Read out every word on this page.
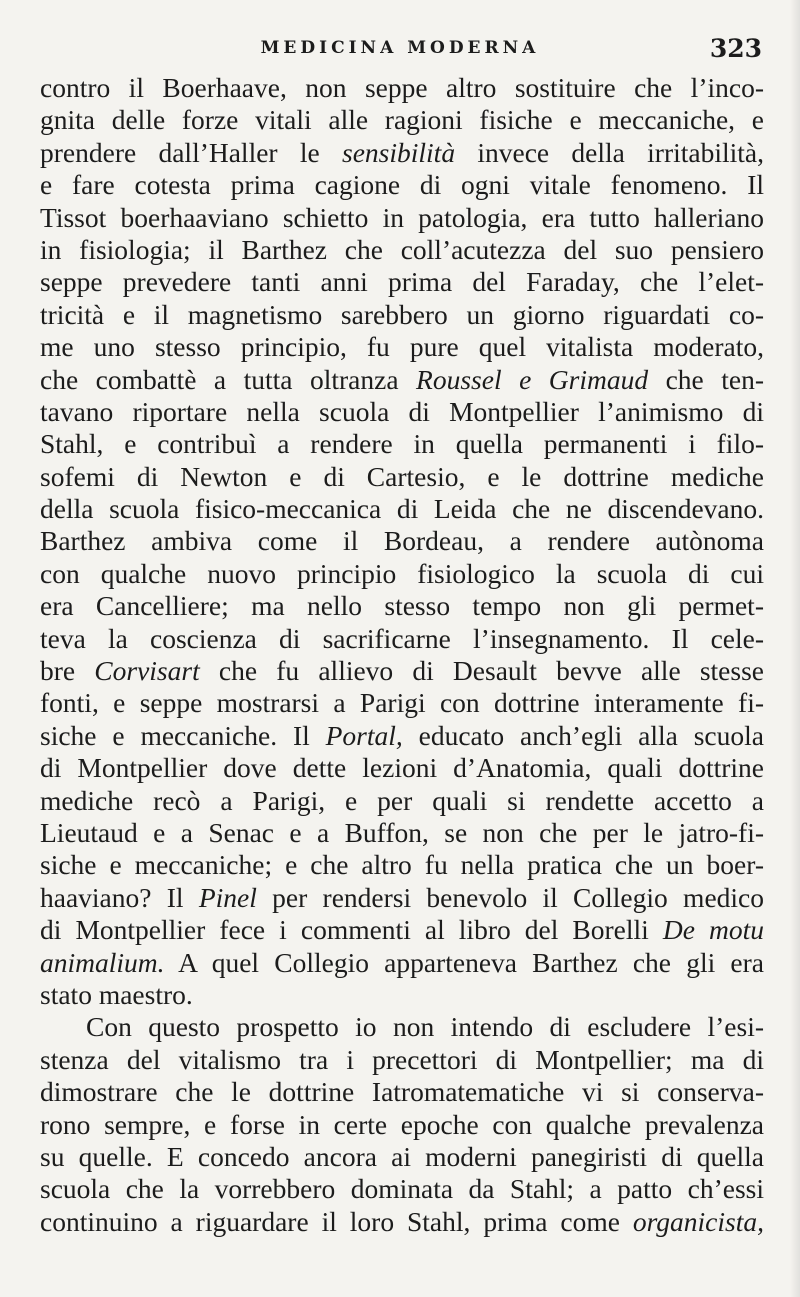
MEDICINA MODERNA	323
contro il Boerhaave, non seppe altro sostituire che l’inco-
gnita delle forze vitali alle ragioni fisiche e meccaniche, e
prendere dall’Haller le sensibilità invece della irritabilità,
e fare cotesta prima cagione di ogni vitale fenomeno. Il
Tissot boerhaaviano schietto in patologia, era tutto halleriano
in fisiologia; il Barthez che coll’acutezza del suo pensiero
seppe prevedere tanti anni prima del Faraday, che l’elet-
tricità e il magnetismo sarebbero un giorno riguardati co-
me uno stesso principio, fu pure quel vitalista moderato,
che combattè a tutta oltranza Roussel e Grimaud che ten-
tavano riportare nella scuola di Montpellier l’animismo di
Stahl, e contribuì a rendere in quella permanenti i filo-
sofemi di Newton e di Cartesio, e le dottrine mediche
della scuola fisico-meccanica di Leida che ne discendevano.
Barthez ambiva come il Bordeau, a rendere autònoma
con qualche nuovo principio fisiologico la scuola di cui
era Cancelliere; ma nello stesso tempo non gli permet-
teva la coscienza di sacrificarne l’insegnamento. Il cele-
bre Corvisart che fu allievo di Desault bevve alle stesse
fonti, e seppe mostrarsi a Parigi con dottrine interamente fi-
siche e meccaniche. Il Portal, educato anch’egli alla scuola
di Montpellier dove dette lezioni d’Anatomia, quali dottrine
mediche recò a Parigi, e per quali si rendette accetto a
Lieutaud e a Senac e a Buffon, se non che per le jatro-fi-
siche e meccaniche; e che altro fu nella pratica che un boer-
haaviano? Il Pinel per rendersi benevolo il Collegio medico
di Montpellier fece i commenti al libro del Borelli De motu
animalium. A quel Collegio apparteneva Barthez che gli era
stato maestro.
Con questo prospetto io non intendo di escludere l’esi-
stenza del vitalismo tra i precettori di Montpellier; ma di
dimostrare che le dottrine Iatromatematiche vi si conserva-
rono sempre, e forse in certe epoche con qualche prevalenza
su quelle. E concedo ancora ai moderni panegiristi di quella
scuola che la vorrebbero dominata da Stahl; a patto ch’essi
continuino a riguardare il loro Stahl, prima come organicista,
